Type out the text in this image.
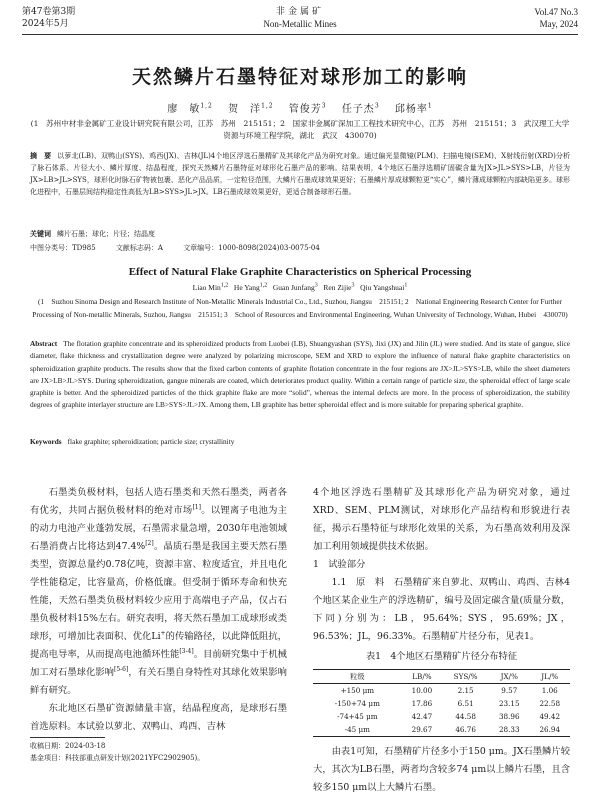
第47卷第3期
2024年5月
非金属矿
Non-Metallic Mines
Vol.47 No.3
May, 2024
天然鳞片石墨特征对球形加工的影响
廖　敏$^{1,2}$　 贺　洋$^{1,2}$　 管俊芳$^3$　 任子杰$^3$　 邱杨率$^1$
(1　苏州中材非金属矿工业设计研究院有限公司，江苏　苏州　215151；2　国家非金属矿深加工工程技术研究中心，江苏　苏州　215151；3　武汉理工大学　资源与环境工程学院，湖北　武汉　430070)
摘　要 以萝北(LB)、双鸭山(SYS)、鸡西(JX)、吉林(JL)4个地区浮选石墨精矿及其球化产品为研究对象。通过偏光显微镜(PLM)、扫描电镜(SEM)、X射线衍射(XRD)分析了脉石体系、片径大小、鳞片厚度、结晶程度，探究天然鳞片石墨特征对球形化石墨产品的影响。结果表明，4个地区石墨浮选精矿固碳含量为JX>JL>SYS>LB，片径为JX>LB>JL>SYS，球形化时脉石矿物被包裹、恶化产品品质，一定粒径范围，大鳞片石墨成球效果更好；石墨鳞片厚成球颗粒更“实心”，鳞片薄成球颗粒内部缺陷更多。球形化进程中，石墨层间结构稳定性高低为LB>SYS>JL>JX。LB石墨成球效果更好，更适合制备球形石墨。
关键词 鳞片石墨；球化；片径；结晶度
中图分类号：TD985	文献标志码：A	文章编号：1000-8098(2024)03-0075-04
Effect of Natural Flake Graphite Characteristics on Spherical Processing
Liao Min$^{1,2}$ He Yang$^{1,2}$ Guan Junfang$^3$ Ren Zijie$^3$ Qiu Yangshuai$^1$
(1　Suzhou Sinoma Design and Research Institute of Non-Metallic Minerals Industrial Co., Ltd., Suzhou, Jiangsu　215151; 2　National Engineering Research Center for Further Processing of Non-metallic Minerals, Suzhou, Jiangsu　215151; 3　School of Resources and Environmental Engineering, Wuhan University of Technology, Wuhan, Hubei　430070)
Abstract The flotation graphite concentrate and its spheroidized products from Luobei (LB), Shuangyashan (SYS), Jixi (JX) and Jilin (JL) were studied. And its state of gangue, slice diameter, flake thickness and crystallization degree were analyzed by polarizing microscope, SEM and XRD to explore the influence of natural flake graphite characteristics on spheroidization graphite products. The results show that the fixed carbon contents of graphite flotation concentrate in the four regions are JX>JL>SYS>LB, while the sheet diameters are JX>LB>JL>SYS. During spheroidization, gangue minerals are coated, which deteriorates product quality. Within a certain range of particle size, the spheroidal effect of large scale graphite is better. And the spheroidized particles of the thick graphite flake are more “solid”, whereas the internal defects are more. In the process of spheroidization, the stability degrees of graphite interlayer structure are LB>SYS>JL>JX. Among them, LB graphite has better spheroidal effect and is more suitable for preparing spherical graphite.
Keywords flake graphite; spheroidization; particle size; crystallinity

石墨类负极材料，包括人造石墨类和天然石墨类，两者各有优劣，共同占据负极材料的绝对市场[1]。以锂离子电池为主的动力电池产业蓬勃发展，石墨需求量急增，2030年电池领域石墨消费占比将达到47.4%[2]。晶质石墨是我国主要天然石墨类型，资源总量约0.78亿吨，资源丰富、粒度适宜，并且电化学性能稳定，比容量高，价格低廉。但受制于循环寿命和快充性能，天然石墨类负极材料较少应用于高端电子产品，仅占石墨负极材料15%左右。研究表明，将天然石墨加工成球形或类球形，可增加比表面积、优化Li+的传输路径，以此降低阻抗，提高电导率，从而提高电池循环性能[3-4]。目前研究集中于机械加工对石墨球化影响[5-6]，有关石墨自身特性对其球化效果影响鲜有研究。

东北地区石墨矿资源储量丰富，结晶程度高，是球形石墨首选原料。本试验以萝北、双鸭山、鸡西、吉林

4个地区浮选石墨精矿及其球形化产品为研究对象，通过XRD、SEM、PLM测试，对球形化产品结构和形貌进行表征，揭示石墨特征与球形化效果的关系，为石墨高效利用及深加工利用领域提供技术依据。

1　试验部分

1.1　原　料　 石墨精矿来自萝北、双鸭山、鸡西、吉林4个地区某企业生产的浮选精矿，编号及固定碳含量(质量分数，下同)分别为：LB，95.64%；SYS，95.69%；JX，96.53%；JL，96.33%。石墨精矿片径分布，见表1。

表1　4个地区石墨精矿片径分布特征
粒级	LB/%	SYS/%	JX/%	JL/%
+150 μm	10.00	2.15	9.57	1.06
-150+74 μm	17.86	6.51	23.15	22.58
-74+45 μm	42.47	44.58	38.96	49.42
-45 μm	29.67	46.76	28.33	26.94

由表1可知，石墨精矿片径多小于150 μm。JX石墨鳞片较大，其次为LB石墨，两者均含较多74 μm以上鳞片石墨，且含较多150 μm以上大鳞片石墨。

收稿日期：2024-03-18
基金项目：科技部重点研发计划(2021YFC2902905)。
